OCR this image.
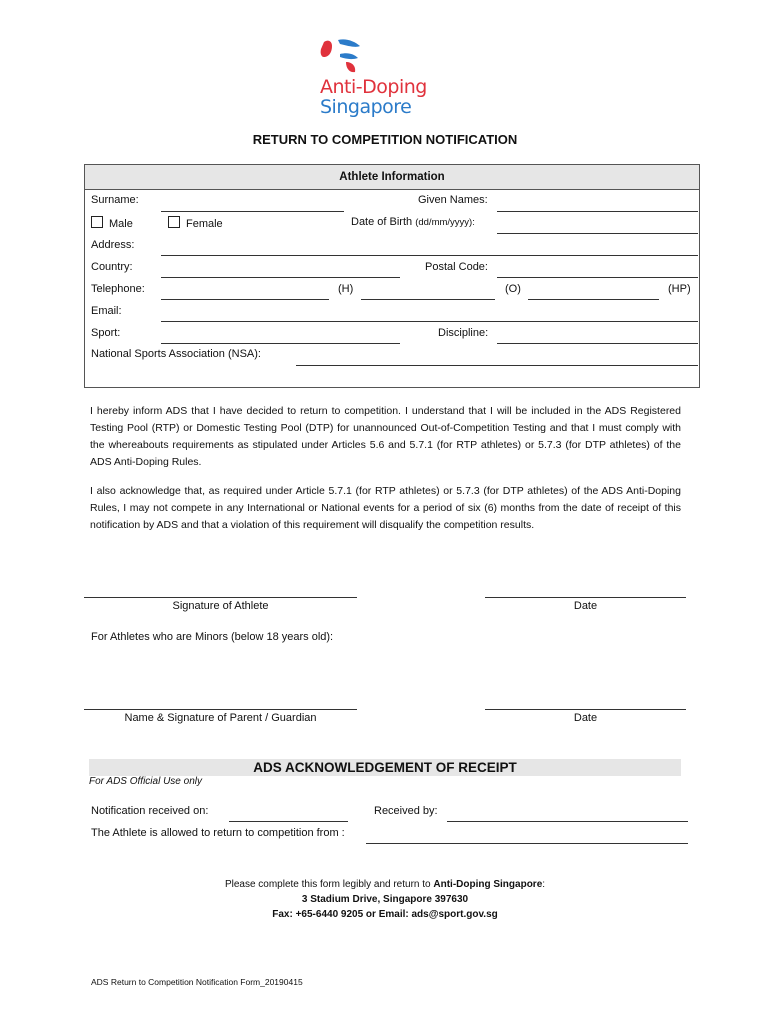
Anti-Doping
Singapore
RETURN TO COMPETITION NOTIFICATION
Athlete Information
Surname:	Given Names:
Male	Female	Date of Birth (dd/mm/yyyy):
Address:
Country:	Postal Code:
Telephone:	(H)	(O)	(HP)
Email:
Sport:	Discipline:
National Sports Association (NSA):
I hereby inform ADS that I have decided to return to competition. I understand that I will be included in the ADS Registered Testing Pool (RTP) or Domestic Testing Pool (DTP) for unannounced Out-of-Competition Testing and that I must comply with the whereabouts requirements as stipulated under Articles 5.6 and 5.7.1 (for RTP athletes) or 5.7.3 (for DTP athletes) of the ADS Anti-Doping Rules.
I also acknowledge that, as required under Article 5.7.1 (for RTP athletes) or 5.7.3 (for DTP athletes) of the ADS Anti-Doping Rules, I may not compete in any International or National events for a period of six (6) months from the date of receipt of this notification by ADS and that a violation of this requirement will disqualify the competition results.
Signature of Athlete	Date
For Athletes who are Minors (below 18 years old):
Name & Signature of Parent / Guardian	Date
ADS ACKNOWLEDGEMENT OF RECEIPT
For ADS Official Use only
Notification received on:	Received by:
The Athlete is allowed to return to competition from :
Please complete this form legibly and return to Anti-Doping Singapore:
3 Stadium Drive, Singapore 397630
Fax: +65-6440 9205 or Email: ads@sport.gov.sg
ADS Return to Competition Notification Form_20190415
